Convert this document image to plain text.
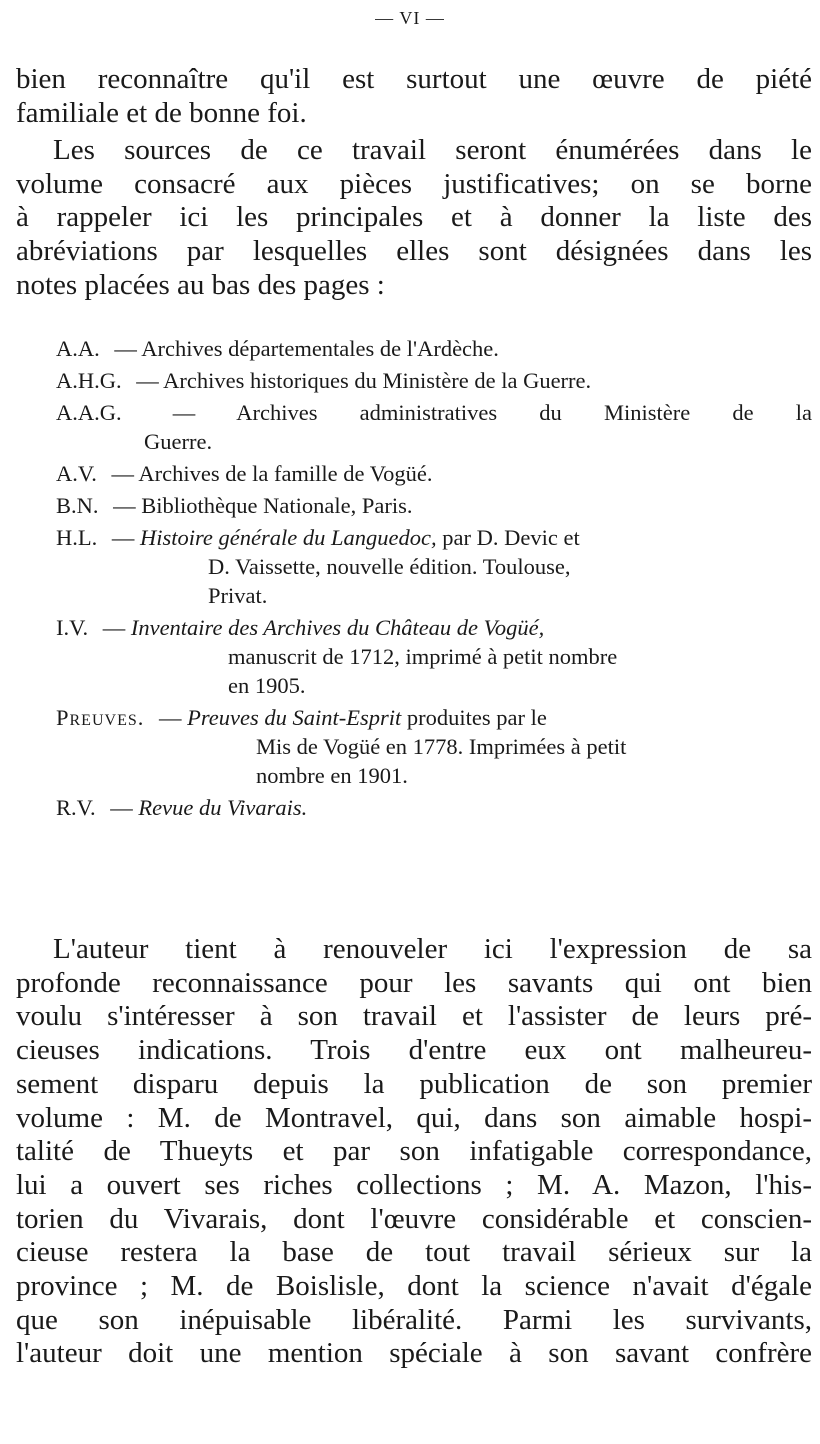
— VI —
bien reconnaître qu'il est surtout une œuvre de piété
familiale et de bonne foi.
Les sources de ce travail seront énumérées dans le
volume consacré aux pièces justificatives; on se borne
à rappeler ici les principales et à donner la liste des
abréviations par lesquelles elles sont désignées dans les
notes placées au bas des pages :
A.A. — Archives départementales de l'Ardèche.
A.H.G. — Archives historiques du Ministère de la Guerre.
A.A.G. — Archives administratives du Ministère de la
Guerre.
A.V. — Archives de la famille de Vogüé.
B.N. — Bibliothèque Nationale, Paris.
H.L. — Histoire générale du Languedoc, par D. Devic et
D. Vaissette, nouvelle édition. Toulouse,
Privat.
I.V. — Inventaire des Archives du Château de Vogüé,
manuscrit de 1712, imprimé à petit nombre
en 1905.
Preuves. — Preuves du Saint-Esprit produites par le
Mis de Vogüé en 1778. Imprimées à petit
nombre en 1901.
R.V. — Revue du Vivarais.
L'auteur tient à renouveler ici l'expression de sa
profonde reconnaissance pour les savants qui ont bien
voulu s'intéresser à son travail et l'assister de leurs pré-
cieuses indications. Trois d'entre eux ont malheureu-
sement disparu depuis la publication de son premier
volume : M. de Montravel, qui, dans son aimable hospi-
talité de Thueyts et par son infatigable correspondance,
lui a ouvert ses riches collections ; M. A. Mazon, l'his-
torien du Vivarais, dont l'œuvre considérable et conscien-
cieuse restera la base de tout travail sérieux sur la
province ; M. de Boislisle, dont la science n'avait d'égale
que son inépuisable libéralité. Parmi les survivants,
l'auteur doit une mention spéciale à son savant confrère
